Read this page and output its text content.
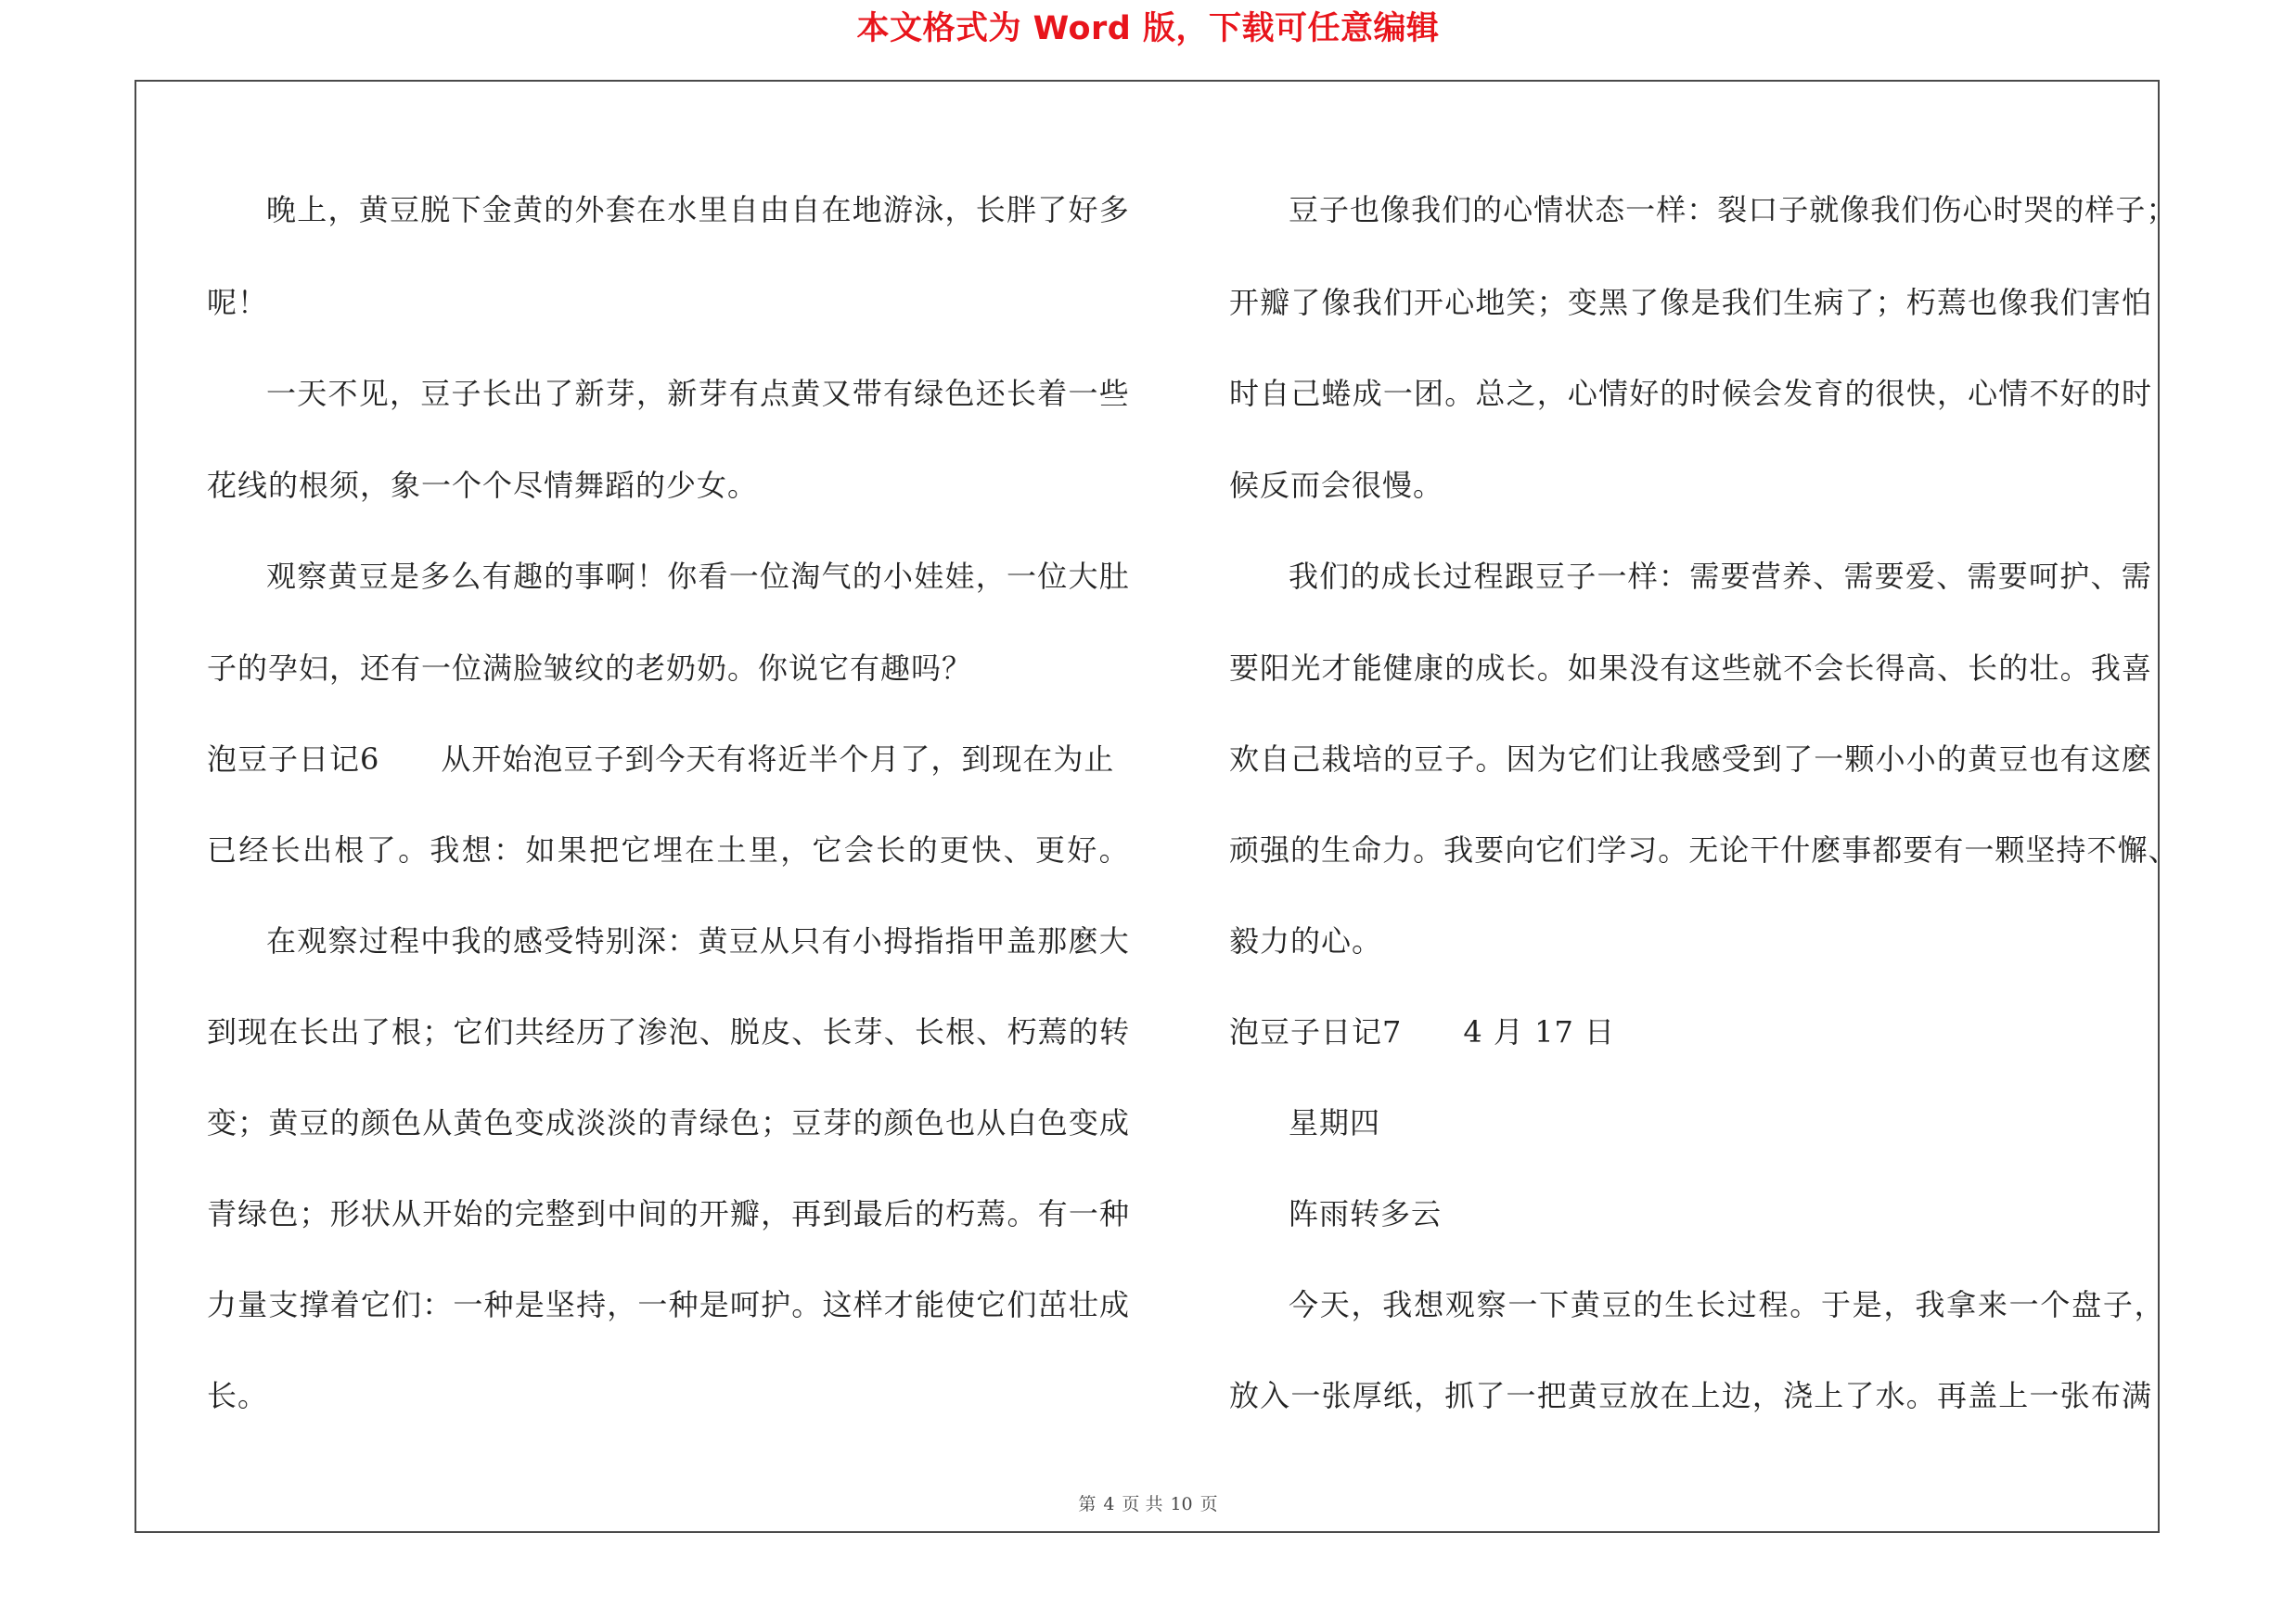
本文格式为 Word 版，下载可任意编辑
晚 上 ， 黄 豆 脱 下 金 黄 的 外 套 在 水 里 自 由 自 在 地 游 泳 ， 长 胖 了 好 多
呢！
一 天 不 见 ， 豆 子 长 出 了 新 芽 ， 新 芽 有 点 黄 又 带 有 绿 色 还 长 着 一 些
花线的根须，象一个个尽情舞蹈的少女。
观 察 黄 豆 是 多 么 有 趣 的 事 啊 ！ 你 看 一 位 淘 气 的 小 娃 娃 ， 一 位 大 肚
子的孕妇，还有一位满脸皱纹的老奶奶。你说它有趣吗？
泡豆子日记6 从开始泡豆子到今天有将近半个月了，到现在为止
已 经 长 出 根 了 。 我 想 ： 如 果 把 它 埋 在 土 里 ， 它 会 长 的 更 快 、 更 好 。
在 观 察 过 程 中 我 的 感 受 特 别 深 ： 黄 豆 从 只 有 小 拇 指 指 甲 盖 那 麽 大
到 现 在 长 出 了 根 ； 它 们 共 经 历 了 渗 泡 、 脱 皮 、 长 芽 、 长 根 、 朽 蔫 的 转
变 ； 黄 豆 的 颜 色 从 黄 色 变 成 淡 淡 的 青 绿 色 ； 豆 芽 的 颜 色 也 从 白 色 变 成
青 绿 色 ； 形 状 从 开 始 的 完 整 到 中 间 的 开 瓣 ， 再 到 最 后 的 朽 蔫 。 有 一 种
力 量 支 撑 着 它 们 ： 一 种 是 坚 持 ， 一 种 是 呵 护 。 这 样 才 能 使 它 们 茁 壮 成
长。
豆 子 也 像 我 们 的 心 情 状 态 一 样 ： 裂 口 子 就 像 我 们 伤 心 时 哭 的 样 子 ；
开 瓣 了 像 我 们 开 心 地 笑 ； 变 黑 了 像 是 我 们 生 病 了 ； 朽 蔫 也 像 我 们 害 怕
时 自 己 蜷 成 一 团 。 总 之 ， 心 情 好 的 时 候 会 发 育 的 很 快 ， 心 情 不 好 的 时
候反而会很慢。
我 们 的 成 长 过 程 跟 豆 子 一 样 ： 需 要 营 养 、 需 要 爱 、 需 要 呵 护 、 需
要 阳 光 才 能 健 康 的 成 长 。 如 果 没 有 这 些 就 不 会 长 得 高 、 长 的 壮 。 我 喜
欢 自 己 栽 培 的 豆 子 。 因 为 它 们 让 我 感 受 到 了 一 颗 小 小 的 黄 豆 也 有 这 麽
顽 强 的 生 命 力 。 我 要 向 它 们 学 习 。 无 论 干 什 麽 事 都 要 有 一 颗 坚 持 不 懈 、
毅力的心。
泡豆子日记7 4 月 17 日
星期四
阵雨转多云
今 天 ， 我 想 观 察 一 下 黄 豆 的 生 长 过 程 。 于 是 ， 我 拿 来 一 个 盘 子 ，
放 入 一 张 厚 纸 ， 抓 了 一 把 黄 豆 放 在 上 边 ， 浇 上 了 水 。 再 盖 上 一 张 布 满
第 4 页 共 10 页
